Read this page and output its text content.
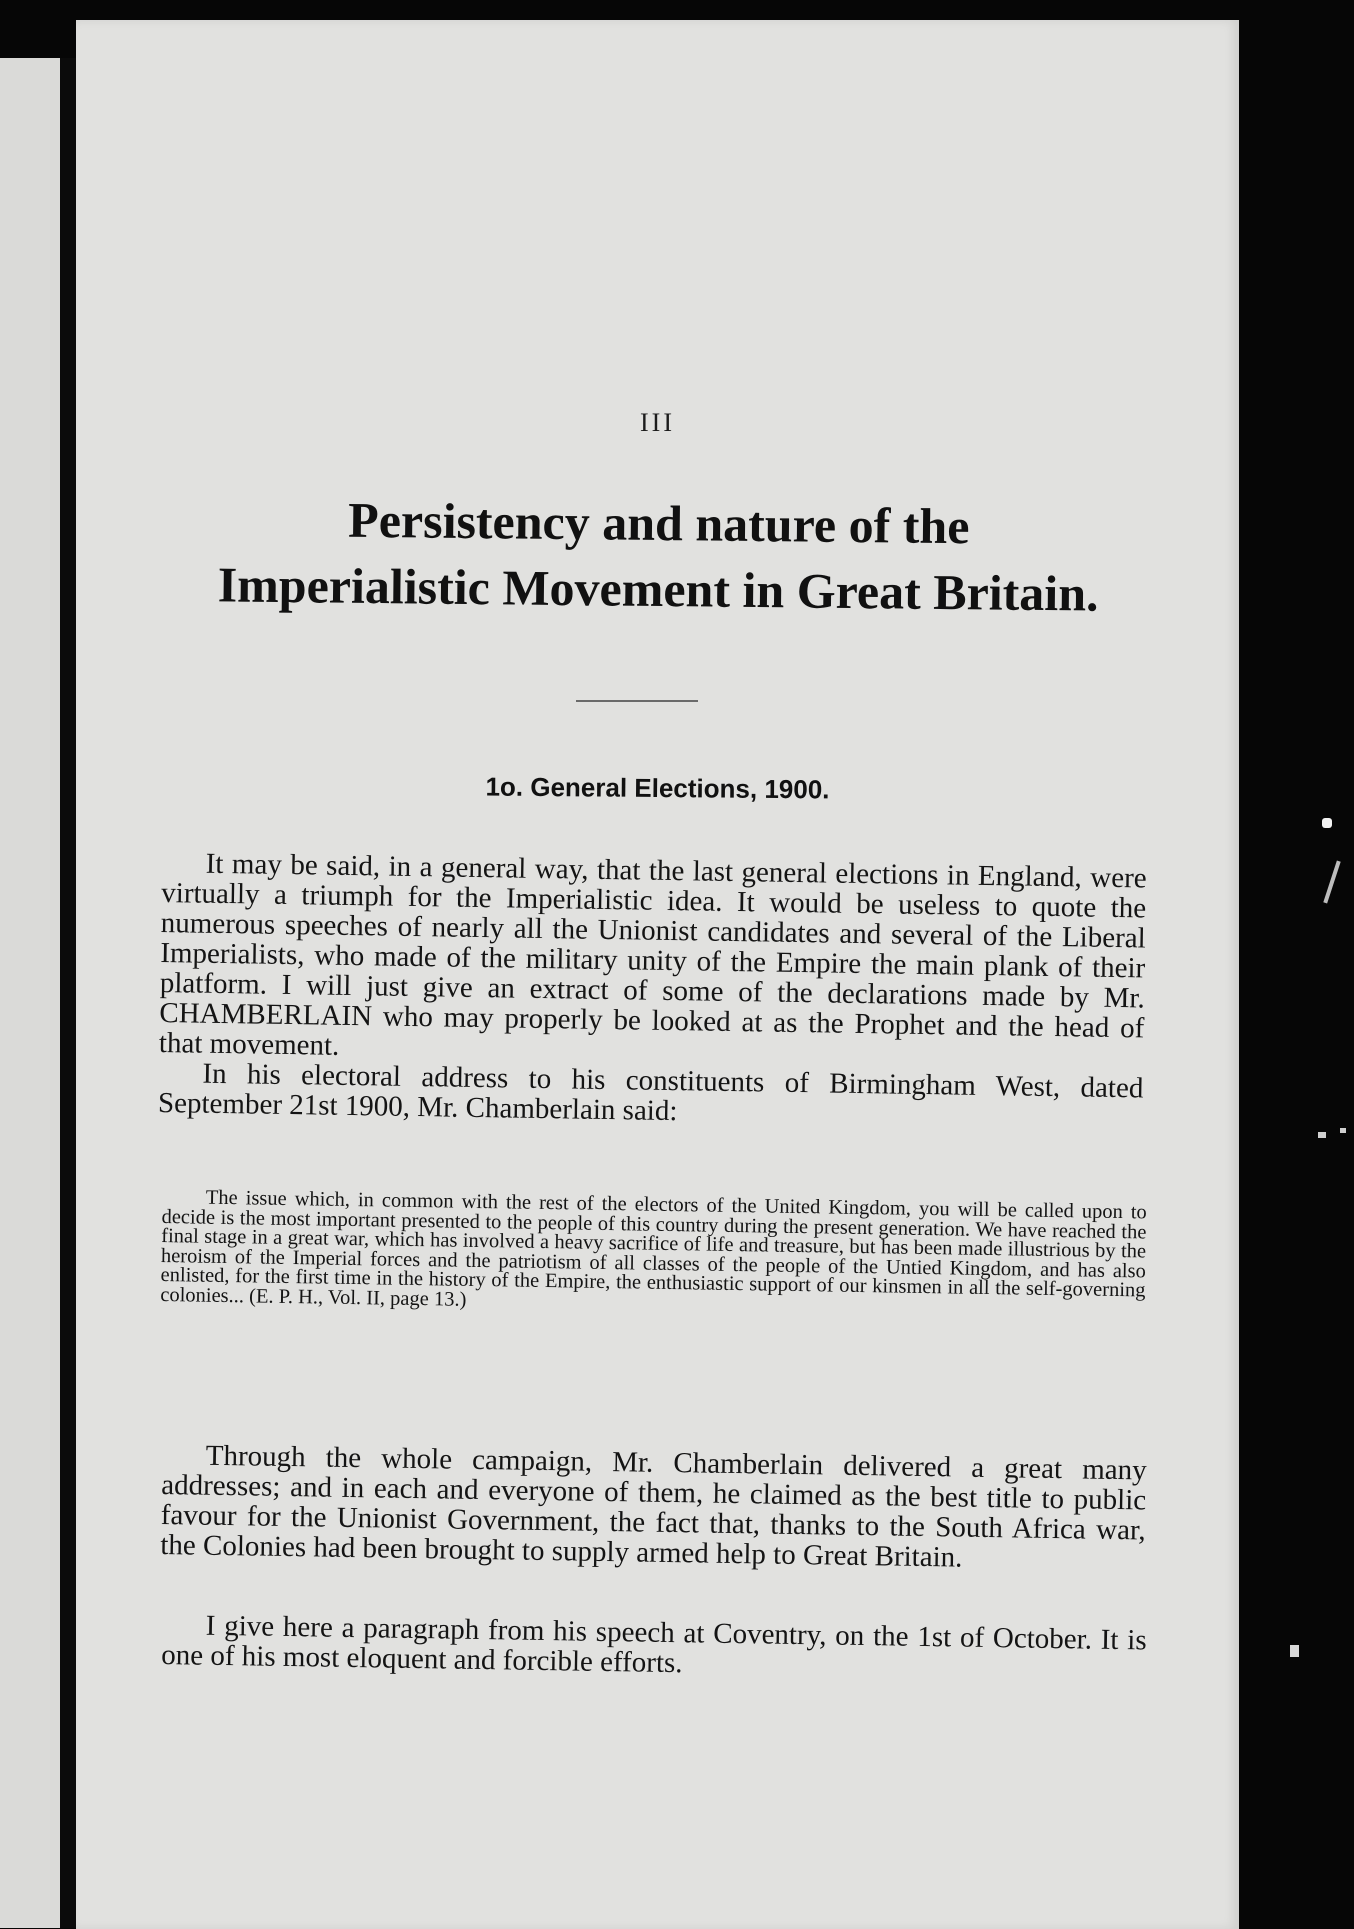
III
Persistency and nature of the Imperialistic Movement in Great Britain.
1o. General Elections, 1900.

It may be said, in a general way, that the last general elections in England, were virtually a triumph for the Imperialistic idea. It would be useless to quote the numerous speeches of nearly all the Unionist candidates and several of the Liberal Imperialists, who made of the military unity of the Empire the main plank of their platform. I will just give an extract of some of the declarations made by Mr. CHAMBERLAIN who may properly be looked at as the Prophet and the head of that movement.

In his electoral address to his constituents of Birmingham West, dated September 21st 1900, Mr. Chamberlain said:

The issue which, in common with the rest of the electors of the United Kingdom, you will be called upon to decide is the most important presented to the people of this country during the present generation. We have reached the final stage in a great war, which has involved a heavy sacrifice of life and treasure, but has been made illustrious by the heroism of the Imperial forces and the patriotism of all classes of the people of the Untied Kingdom, and has also enlisted, for the first time in the history of the Empire, the enthusiastic support of our kinsmen in all the self-governing colonies... (E. P. H., Vol. II, page 13.)

Through the whole campaign, Mr. Chamberlain delivered a great many addresses; and in each and everyone of them, he claimed as the best title to public favour for the Unionist Government, the fact that, thanks to the South Africa war, the Colonies had been brought to supply armed help to Great Britain.

I give here a paragraph from his speech at Coventry, on the 1st of October. It is one of his most eloquent and forcible efforts.
